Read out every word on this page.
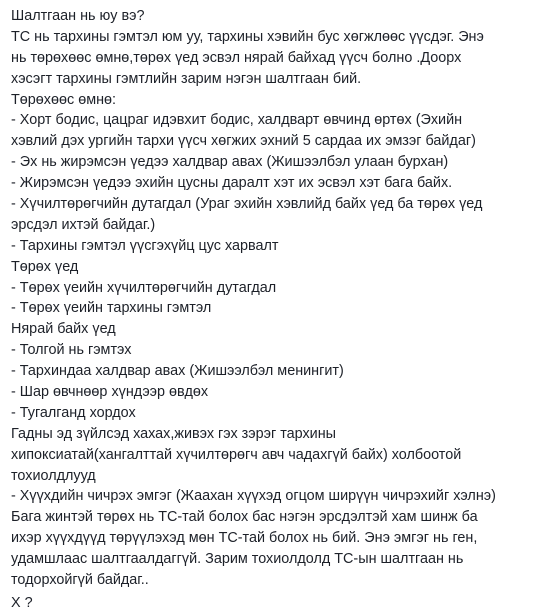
Шалтгаан нь юу вэ?
ТС нь тархины гэмтэл юм уу, тархины хэвийн бус хөгжлөөс үүсдэг. Энэ
нь төрөхөөс өмнө,төрөх үед эсвэл нярай байхад үүсч болно .Доорх
хэсэгт тархины гэмтлийн зарим нэгэн шалтгаан бий.
Төрөхөөс өмнө:
- Хорт бодис, цацраг идэвхит бодис, халдварт өвчинд өртөх (Эхийн
хэвлий дэх ургийн тархи үүсч хөгжих эхний 5 сардаа их эмзэг байдаг)
- Эх нь жирэмсэн үедээ халдвар авах (Жишээлбэл улаан бурхан)
- Жирэмсэн үедээ эхийн цусны даралт хэт их эсвэл хэт бага байх.
- Хүчилтөрөгчийн дутагдал (Ураг эхийн хэвлийд байх үед ба төрөх үед
эрсдэл ихтэй байдаг.)
- Тархины гэмтэл үүсгэхүйц цус харвалт
Төрөх үед
- Төрөх үеийн хүчилтөрөгчийн дутагдал
- Төрөх үеийн тархины гэмтэл
Нярай байх үед
- Толгой нь гэмтэх
- Тархиндаа халдвар авах (Жишээлбэл менингит)
- Шар өвчнөөр хүндээр өвдөх
- Тугалганд хордох
Гадны эд зүйлсэд хахах,живэх гэх зэрэг тархины
хипоксиатай(хангалттай хүчилтөрөгч авч чадахгүй байх) холбоотой
тохиолдлууд
- Хүүхдийн чичрэх эмгэг (Жаахан хүүхэд огцом ширүүн чичрэхийг хэлнэ)
Бага жинтэй төрөх нь ТС-тай болох бас нэгэн эрсдэлтэй хам шинж ба
ихэр хүүхдүүд төрүүлэхэд мөн ТС-тай болох нь бий. Энэ эмгэг нь ген,
удамшлаас шалтгаалдаггүй. Зарим тохиолдолд ТС-ын шалтгаан нь
тодорхойгүй байдаг..
Х ?
